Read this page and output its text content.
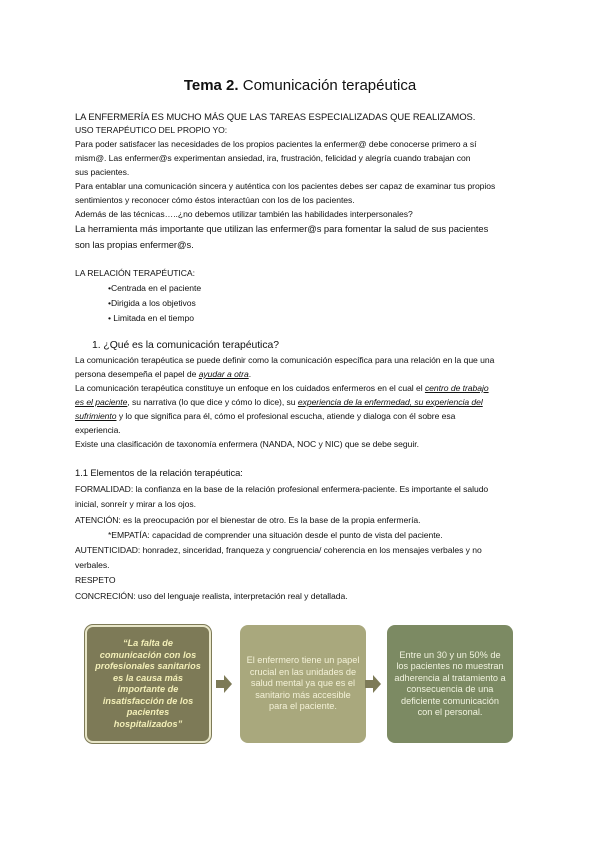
Tema 2. Comunicación terapéutica
LA ENFERMERÍA ES MUCHO MÁS QUE LAS TAREAS ESPECIALIZADAS QUE REALIZAMOS.
USO TERAPÉUTICO DEL PROPIO YO:
Para poder satisfacer las necesidades de los propios pacientes la enfermer@ debe conocerse primero a sí
mism@. Las enfermer@s experimentan ansiedad, ira, frustración, felicidad y alegría cuando trabajan con
sus pacientes.
Para entablar una comunicación sincera y auténtica con los pacientes debes ser capaz de examinar tus propios
sentimientos y reconocer cómo éstos interactúan con los de los pacientes.
Además de las técnicas…..¿no debemos utilizar también las habilidades interpersonales?
La herramienta más importante que utilizan las enfermer@s para fomentar la salud de sus pacientes
son las propias enfermer@s.
LA RELACIÓN TERAPÉUTICA:
•Centrada en el paciente
•Dirigida a los objetivos
• Limitada en el tiempo
1. ¿Qué es la comunicación terapéutica?
La comunicación terapéutica se puede definir como la comunicación específica para una relación en la que una
persona desempeña el papel de ayudar a otra.
La comunicación terapéutica constituye un enfoque en los cuidados enfermeros en el cual el centro de trabajo
es el paciente, su narrativa (lo que dice y cómo lo dice), su experiencia de la enfermedad, su experiencia del
sufrimiento y lo que significa para él, cómo el profesional escucha, atiende y dialoga con él sobre esa
experiencia.
Existe una clasificación de taxonomía enfermera (NANDA, NOC y NIC) que se debe seguir.
1.1 Elementos de la relación terapéutica:
FORMALIDAD: la confianza en la base de la relación profesional enfermera-paciente. Es importante el saludo
inicial, sonreír y mirar a los ojos.
ATENCIÓN: es la preocupación por el bienestar de otro. Es la base de la propia enfermería.
*EMPATÍA: capacidad de comprender una situación desde el punto de vista del paciente.
AUTENTICIDAD: honradez, sinceridad, franqueza y congruencia/ coherencia en los mensajes verbales y no
verbales.
RESPETO
CONCRECIÓN: uso del lenguaje realista, interpretación real y detallada.
“La falta de comunicación con los profesionales sanitarios es la causa más importante de insatisfacción de los pacientes hospitalizados”
El enfermero tiene un papel crucial en las unidades de salud mental ya que es el sanitario más accesible para el paciente.
Entre un 30 y un 50% de los pacientes no muestran adherencia al tratamiento a consecuencia de una deficiente comunicación con el personal.
